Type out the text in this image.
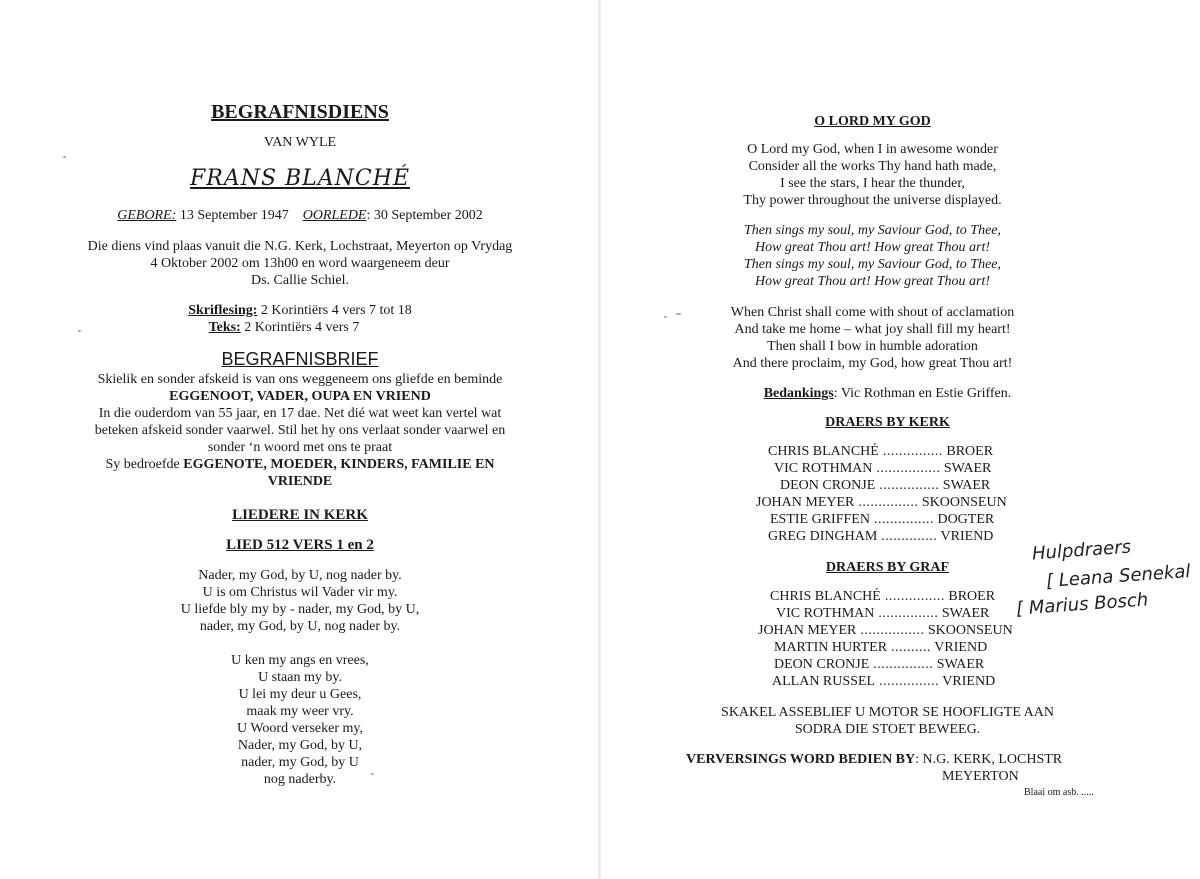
BEGRAFNISDIENS
VAN WYLE
FRANS BLANCHÉ
GEBORE: 13 September 1947 OORLEDE: 30 September 2002
Die diens vind plaas vanuit die N.G. Kerk, Lochstraat, Meyerton op Vrydag
4 Oktober 2002 om 13h00 en word waargeneem deur
Ds. Callie Schiel.
Skriflesing: 2 Korintiërs 4 vers 7 tot 18
Teks: 2 Korintiërs 4 vers 7
BEGRAFNISBRIEF
Skielik en sonder afskeid is van ons weggeneem ons gliefde en beminde
EGGENOOT, VADER, OUPA EN VRIEND
In die ouderdom van 55 jaar, en 17 dae. Net dié wat weet kan vertel wat
beteken afskeid sonder vaarwel. Stil het hy ons verlaat sonder vaarwel en
sonder ‘n woord met ons te praat
Sy bedroefde EGGENOTE, MOEDER, KINDERS, FAMILIE EN
VRIENDE
LIEDERE IN KERK
LIED 512 VERS 1 en 2
Nader, my God, by U, nog nader by.
U is om Christus wil Vader vir my.
U liefde bly my by - nader, my God, by U,
nader, my God, by U, nog nader by.
U ken my angs en vrees,
U staan my by.
U lei my deur u Gees,
maak my weer vry.
U Woord verseker my,
Nader, my God, by U,
nader, my God, by U
nog naderby.
O LORD MY GOD
O Lord my God, when I in awesome wonder
Consider all the works Thy hand hath made,
I see the stars, I hear the thunder,
Thy power throughout the universe displayed.
Then sings my soul, my Saviour God, to Thee,
How great Thou art! How great Thou art!
Then sings my soul, my Saviour God, to Thee,
How great Thou art! How great Thou art!
When Christ shall come with shout of acclamation
And take me home – what joy shall fill my heart!
Then shall I bow in humble adoration
And there proclaim, my God, how great Thou art!
Bedankings: Vic Rothman en Estie Griffen.
DRAERS BY KERK
CHRIS BLANCHÉ ............... BROER
VIC ROTHMAN ................ SWAER
DEON CRONJE ............... SWAER
JOHAN MEYER ............... SKOONSEUN
ESTIE GRIFFEN ............... DOGTER
GREG DINGHAM .............. VRIEND
DRAERS BY GRAF
CHRIS BLANCHÉ ............... BROER
VIC ROTHMAN ............... SWAER
JOHAN MEYER ................ SKOONSEUN
MARTIN HURTER .......... VRIEND
DEON CRONJE ............... SWAER
ALLAN RUSSEL ............... VRIEND
Hulpdraers
[ Leana Senekal
[ Marius Bosch
SKAKEL ASSEBLIEF U MOTOR SE HOOFLIGTE AAN
SODRA DIE STOET BEWEEG.
VERVERSINGS WORD BEDIEN BY: N.G. KERK, LOCHSTR
MEYERTON
Blaai om asb. .....
